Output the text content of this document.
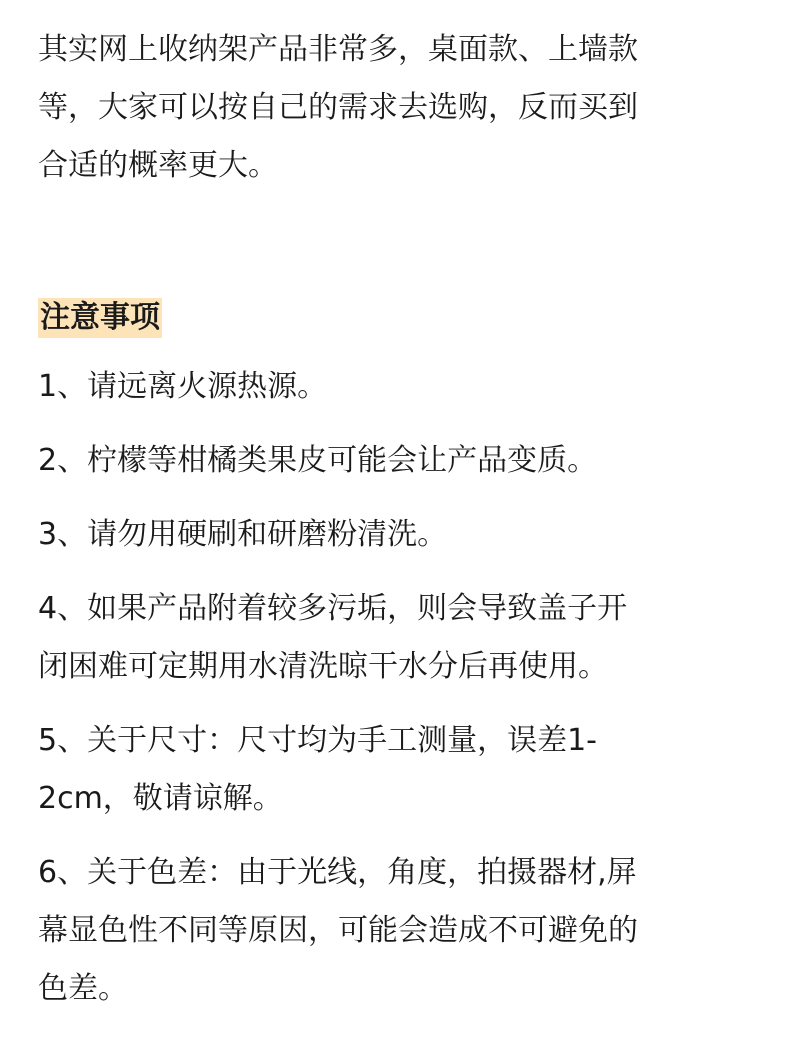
其实网上收纳架产品非常多，桌面款、上墙款
等，大家可以按自己的需求去选购，反而买到
合适的概率更大。

注意事项

1、请远离火源热源。

2、柠檬等柑橘类果皮可能会让产品变质。

3、请勿用硬刷和研磨粉清洗。

4、如果产品附着较多污垢，则会导致盖子开
闭困难可定期用水清洗晾干水分后再使用。

5、关于尺寸：尺寸均为手工测量，误差1-
2cm，敬请谅解。

6、关于色差：由于光线，角度，拍摄器材,屏
幕显色性不同等原因，可能会造成不可避免的
色差。
